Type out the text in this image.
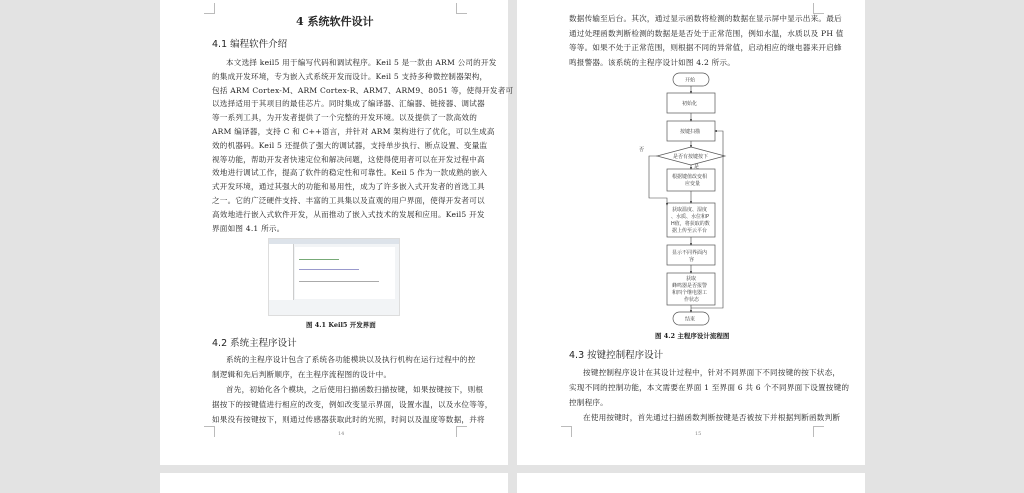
4 系统软件设计
4.1 编程软件介绍
本文选择 keil5 用于编写代码和调试程序。Keil 5 是一款由 ARM 公司的开发
的集成开发环境，专为嵌入式系统开发而设计。Keil 5 支持多种微控制器架构，
包括 ARM Cortex-M、ARM Cortex-R、ARM7、ARM9、8051 等，使得开发者可
以选择适用于其项目的最佳芯片。同时集成了编译器、汇编器、链接器、调试器
等一系列工具，为开发者提供了一个完整的开发环境。以及提供了一款高效的
ARM 编译器，支持 C 和 C++语言，并针对 ARM 架构进行了优化，可以生成高
效的机器码。Keil 5 还提供了强大的调试器，支持单步执行、断点设置、变量监
视等功能，帮助开发者快速定位和解决问题，这使得使用者可以在开发过程中高
效地进行调试工作，提高了软件的稳定性和可靠性。Keil 5 作为一款成熟的嵌入
式开发环境，通过其强大的功能和易用性，成为了许多嵌入式开发者的首选工具
之一。它的广泛硬件支持、丰富的工具集以及直观的用户界面，使得开发者可以
高效地进行嵌入式软件开发，从而推动了嵌入式技术的发展和应用。Keil5 开发
界面如图 4.1 所示。
图 4.1 Keil5 开发界面
4.2 系统主程序设计
系统的主程序设计包含了系统各功能模块以及执行机构在运行过程中的控
制逻辑和先后判断顺序，在主程序流程图的设计中。
首先，初始化各个模块，之后使用扫描函数扫描按键，如果按键按下，则根
据按下的按键值进行相应的改变，例如改变显示界面，设置水温，以及水位等等，
如果没有按键按下，则通过传感器获取此时的光照，时间以及温度等数据，并将
14
数据传输至后台。其次，通过显示函数将检测的数据在显示屏中显示出来。最后
通过处理函数判断检测的数据是是否处于正常范围，例如水温，水质以及 PH 值
等等。如果不处于正常范围，则根据不同的异常值，启动相应的继电器来开启蜂
鸣报警器。该系统的主程序设计如图 4.2 所示。
开始
初始化
按键扫描
是否有按键按下
是
否
根据键值改变相应变量
获取温度、湿度、水质、水位和P H值，将获取的数据上传至云平台
显示不同界面内容
获取蜂鸣器是否报警和四个继电器工作状态
结束
图 4.2 主程序设计流程图
4.3 按键控制程序设计
按键控制程序设计在其设计过程中，针对不同界面下不同按键的按下状态，
实现不同的控制功能，本文需要在界面 1 至界面 6 共 6 个不同界面下设置按键的
控制程序。
在使用按键时，首先通过扫描函数判断按键是否被按下并根据判断函数判断
15
